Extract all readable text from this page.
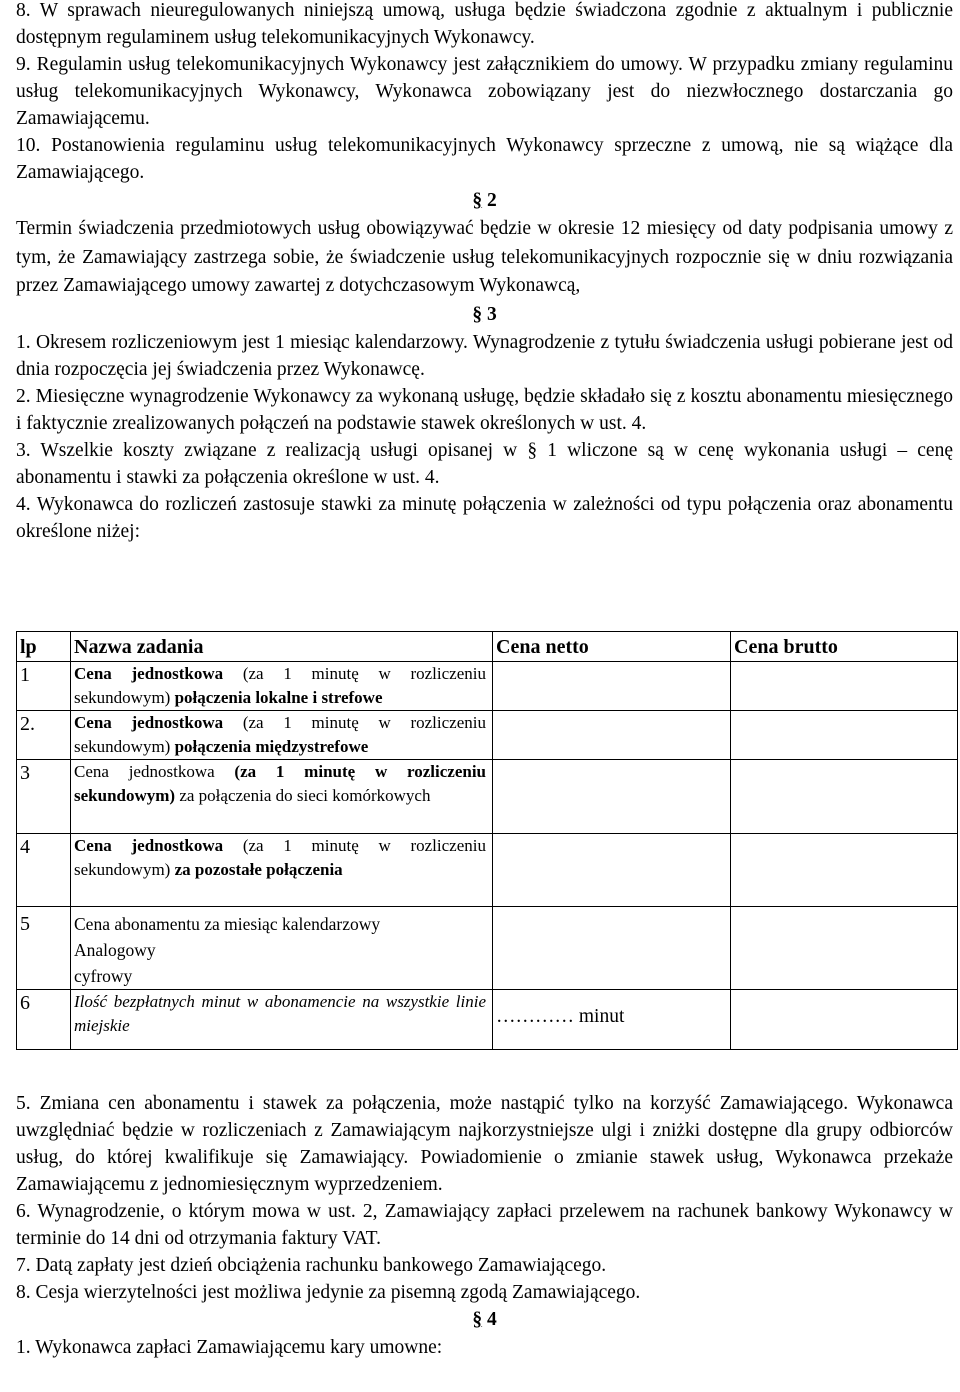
8. W sprawach nieuregulowanych niniejszą umową, usługa będzie świadczona zgodnie z aktualnym i publicznie dostępnym regulaminem usług telekomunikacyjnych Wykonawcy.

9. Regulamin usług telekomunikacyjnych Wykonawcy jest załącznikiem do umowy. W przypadku zmiany regulaminu usług telekomunikacyjnych Wykonawcy, Wykonawca zobowiązany jest do niezwłocznego dostarczania go Zamawiającemu.

10. Postanowienia regulaminu usług telekomunikacyjnych Wykonawcy sprzeczne z umową, nie są wiążące dla Zamawiającego.

§ 2

Termin świadczenia przedmiotowych usług obowiązywać będzie w okresie 12 miesięcy od daty podpisania umowy z tym, że Zamawiający zastrzega sobie, że świadczenie usług telekomunikacyjnych rozpocznie się w dniu rozwiązania przez Zamawiającego umowy zawartej z dotychczasowym Wykonawcą,

§ 3

1. Okresem rozliczeniowym jest 1 miesiąc kalendarzowy. Wynagrodzenie z tytułu świadczenia usługi pobierane jest od dnia rozpoczęcia jej świadczenia przez Wykonawcę.

2. Miesięczne wynagrodzenie Wykonawcy za wykonaną usługę, będzie składało się z kosztu abonamentu miesięcznego i faktycznie zrealizowanych połączeń na podstawie stawek określonych w ust. 4.

3. Wszelkie koszty związane z realizacją usługi opisanej w § 1 wliczone są w cenę wykonania usługi – cenę abonamentu i stawki za połączenia określone w ust. 4.

4. Wykonawca do rozliczeń zastosuje stawki za minutę połączenia w zależności od typu połączenia oraz abonamentu określone niżej:

lp	Nazwa zadania	Cena netto	Cena brutto
1	Cena jednostkowa (za 1 minutę w rozliczeniu sekundowym) połączenia lokalne i strefowe		
2.	Cena jednostkowa (za 1 minutę w rozliczeniu sekundowym) połączenia międzystrefowe		
3	Cena jednostkowa (za 1 minutę w rozliczeniu sekundowym) za połączenia do sieci komórkowych		
4	Cena jednostkowa (za 1 minutę w rozliczeniu sekundowym) za pozostałe połączenia		
5	Cena abonamentu za miesiąc kalendarzowy
Analogowy
cyfrowy		

6	Ilość bezpłatnych minut w abonamencie na wszystkie linie miejskie	………… minut	

5. Zmiana cen abonamentu i stawek za połączenia, może nastąpić tylko na korzyść Zamawiającego. Wykonawca uwzględniać będzie w rozliczeniach z Zamawiającym najkorzystniejsze ulgi i zniżki dostępne dla grupy odbiorców usług, do której kwalifikuje się Zamawiający. Powiadomienie o zmianie stawek usług, Wykonawca przekaże Zamawiającemu z jednomiesięcznym wyprzedzeniem.

6. Wynagrodzenie, o którym mowa w ust. 2, Zamawiający zapłaci przelewem na rachunek bankowy Wykonawcy w terminie do 14 dni od otrzymania faktury VAT.

7. Datą zapłaty jest dzień obciążenia rachunku bankowego Zamawiającego.

8. Cesja wierzytelności jest możliwa jedynie za pisemną zgodą Zamawiającego.

§ 4

1. Wykonawca zapłaci Zamawiającemu kary umowne:
